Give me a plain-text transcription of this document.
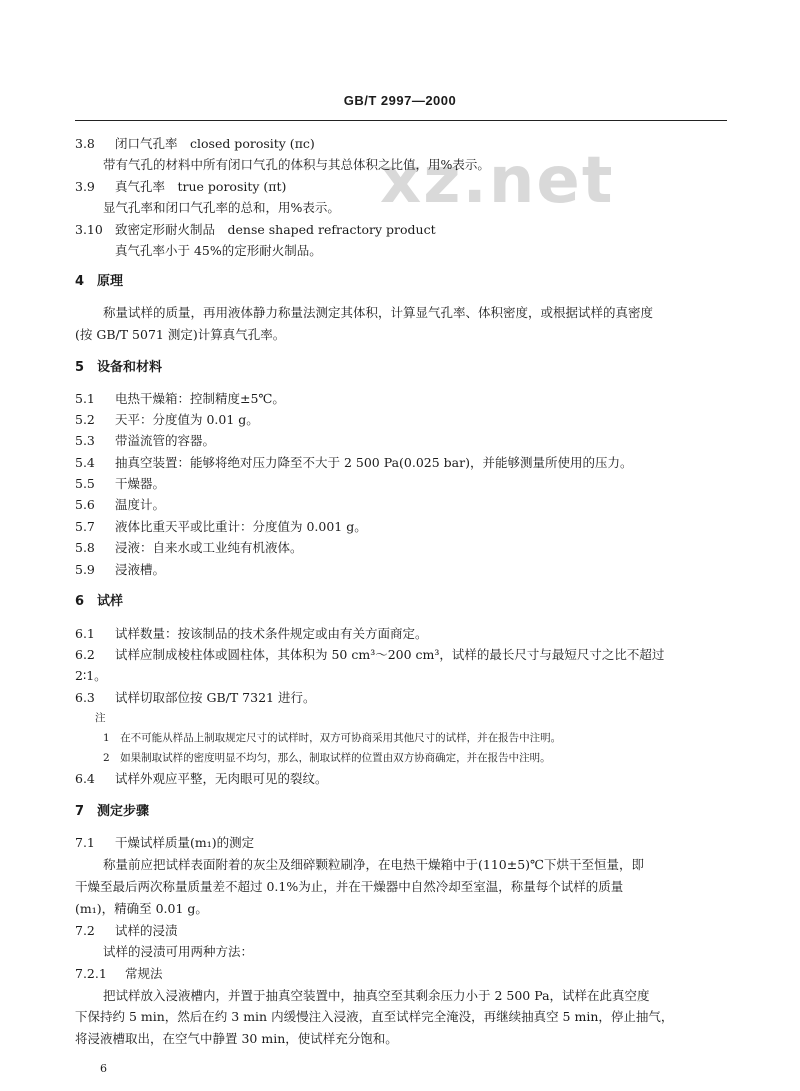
GB/T 2997—2000
xz.net
3.8 闭口气孔率　closed porosity (πc)
带有气孔的材料中所有闭口气孔的体积与其总体积之比值，用%表示。
3.9 真气孔率　true porosity (πt)
显气孔率和闭口气孔率的总和，用%表示。
3.10 致密定形耐火制品　dense shaped refractory product
真气孔率小于 45%的定形耐火制品。
4　原理
称量试样的质量，再用液体静力称量法测定其体积，计算显气孔率、体积密度，或根据试样的真密度
(按 GB/T 5071 测定)计算真气孔率。
5　设备和材料
5.1 电热干燥箱：控制精度±5℃。
5.2 天平：分度值为 0.01 g。
5.3 带溢流管的容器。
5.4 抽真空装置：能够将绝对压力降至不大于 2 500 Pa(0.025 bar)，并能够测量所使用的压力。
5.5 干燥器。
5.6 温度计。
5.7 液体比重天平或比重计：分度值为 0.001 g。
5.8 浸液：自来水或工业纯有机液体。
5.9 浸液槽。
6　试样
6.1 试样数量：按该制品的技术条件规定或由有关方面商定。
6.2 试样应制成棱柱体或圆柱体，其体积为 50 cm³～200 cm³，试样的最长尺寸与最短尺寸之比不超过
2∶1。
6.3 试样切取部位按 GB/T 7321 进行。
注
1　在不可能从样品上制取规定尺寸的试样时，双方可协商采用其他尺寸的试样，并在报告中注明。
2　如果制取试样的密度明显不均匀，那么，制取试样的位置由双方协商确定，并在报告中注明。
6.4 试样外观应平整，无肉眼可见的裂纹。
7　测定步骤
7.1 干燥试样质量(m₁)的测定
称量前应把试样表面附着的灰尘及细碎颗粒刷净，在电热干燥箱中于(110±5)℃下烘干至恒量，即
干燥至最后两次称量质量差不超过 0.1%为止，并在干燥器中自然冷却至室温，称量每个试样的质量
(m₁)，精确至 0.01 g。
7.2 试样的浸渍
试样的浸渍可用两种方法：
7.2.1 常规法
把试样放入浸液槽内，并置于抽真空装置中，抽真空至其剩余压力小于 2 500 Pa，试样在此真空度
下保持约 5 min，然后在约 3 min 内缓慢注入浸液，直至试样完全淹没，再继续抽真空 5 min，停止抽气，
将浸液槽取出，在空气中静置 30 min，使试样充分饱和。
6
